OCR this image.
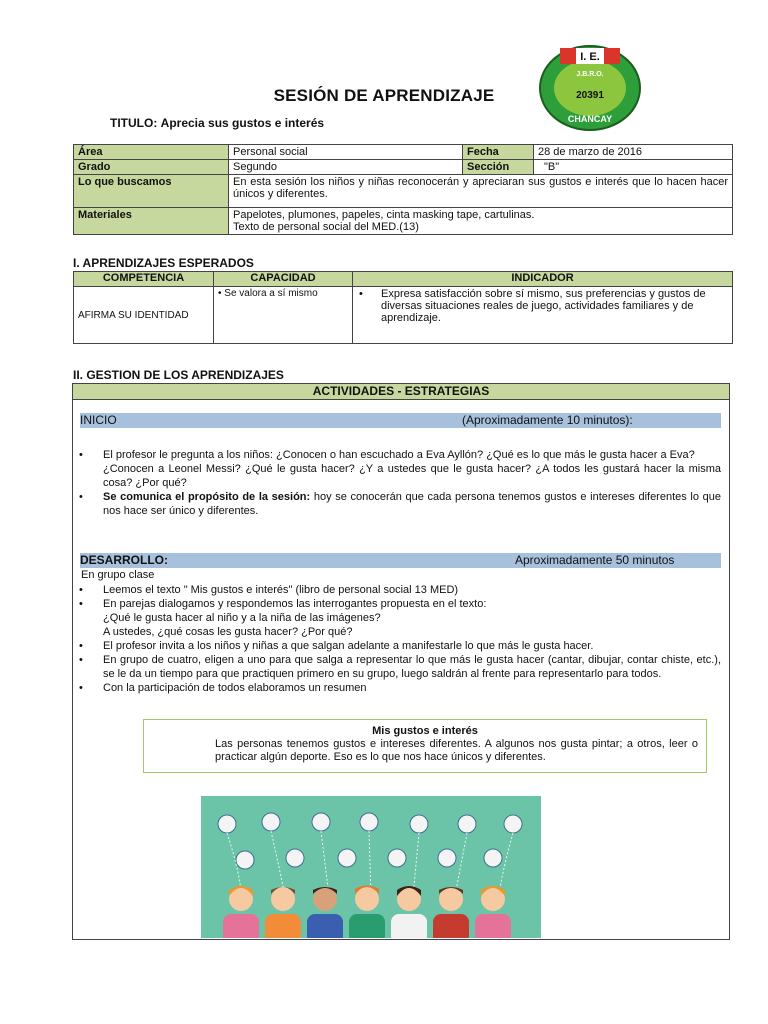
SESIÓN DE APRENDIZAJE
TITULO: Aprecia sus gustos e interés
I. E.
J.B.R.O.
20391
CHANCAY
Área	Personal social	Fecha	28 de marzo de 2016
Grado	Segundo	Sección	"B"
Lo que buscamos	En esta sesión los niños y niñas reconocerán y apreciaran sus gustos e interés que lo hacen hacer únicos y diferentes.		
Materiales	Papelotes, plumones, papeles, cinta masking tape, cartulinas.
Texto de personal social del MED.(13)		
I. APRENDIZAJES ESPERADOS
COMPETENCIA	CAPACIDAD	INDICADOR
AFIRMA SU IDENTIDAD	• Se valora a sí mismo	• Expresa satisfacción sobre sí mismo, sus preferencias y gustos de diversas situaciones reales de juego, actividades familiares y de aprendizaje.
II. GESTION DE LOS APRENDIZAJES
ACTIVIDADES - ESTRATEGIAS
INICIO	(Aproximadamente 10 minutos):
• El profesor le pregunta a los niños: ¿Conocen o han escuchado a Eva Ayllón? ¿Qué es lo que más le gusta hacer a Eva?
¿Conocen a Leonel Messi? ¿Qué le gusta hacer? ¿Y a ustedes que le gusta hacer? ¿A todos les gustará hacer la misma cosa? ¿Por qué?
• Se comunica el propósito de la sesión: hoy se conocerán que cada persona tenemos gustos e intereses diferentes lo que nos hace ser único y diferentes.
DESARROLLO:	Aproximadamente 50 minutos
En grupo clase
• Leemos el texto " Mis gustos e interés" (libro de personal social 13 MED)
• En parejas dialogamos y respondemos las interrogantes propuesta en el texto:
¿Qué le gusta hacer al niño y a la niña de las imágenes?
A ustedes, ¿qué cosas les gusta hacer? ¿Por qué?
• El profesor invita a los niños y niñas a que salgan adelante a manifestarle lo que más le gusta hacer.
• En grupo de cuatro, eligen a uno para que salga a representar lo que más le gusta hacer (cantar, dibujar, contar chiste, etc.), se le da un tiempo para que practiquen primero en su grupo, luego saldrán al frente para representarlo para todos.
• Con la participación de todos elaboramos un resumen
Mis gustos e interés
Las personas tenemos gustos e intereses diferentes. A algunos nos gusta pintar; a otros, leer o practicar algún deporte. Eso es lo que nos hace únicos y diferentes.
